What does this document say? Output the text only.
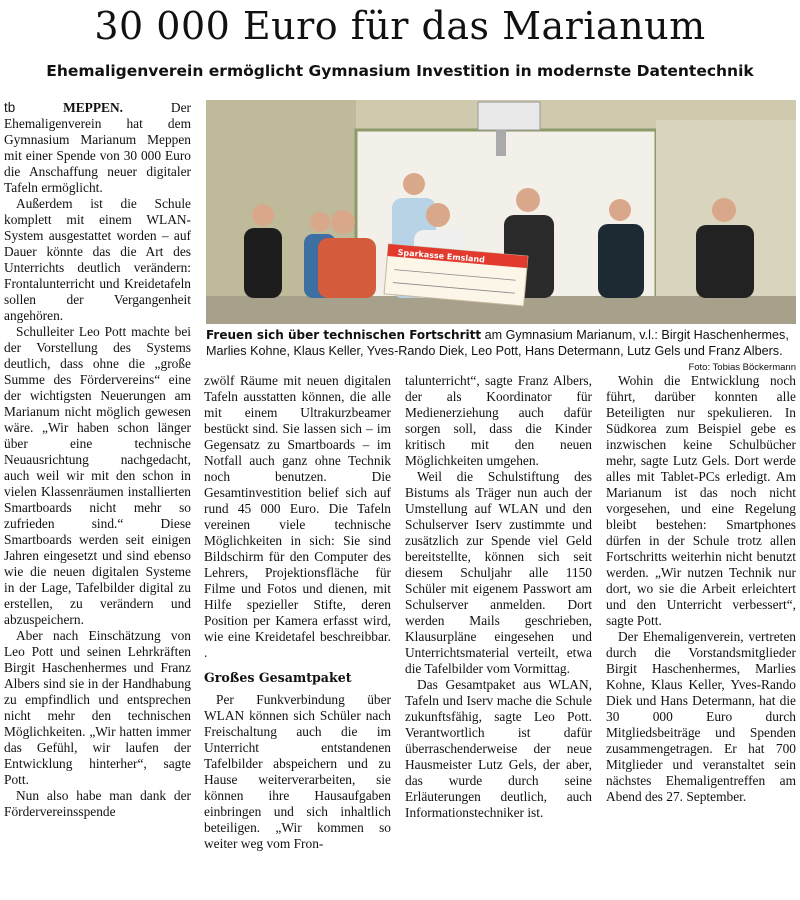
30 000 Euro für das Marianum
Ehemaligenverein ermöglicht Gymnasium Investition in modernste Datentechnik

tb	MEPPEN.	Der Ehemaligenverein hat dem Gymnasium Marianum Meppen mit einer Spende von 30 000 Euro die Anschaffung neuer digitaler Tafeln ermöglicht.

Außerdem ist die Schule komplett mit einem WLAN-System ausgestattet worden – auf Dauer könnte das die Art des Unterrichts deutlich verändern: Frontalunterricht und Kreidetafeln sollen der Vergangenheit angehören.

Schulleiter Leo Pott machte bei der Vorstellung des Systems deutlich, dass ohne die „große Summe des Fördervereins“ eine der wichtigsten Neuerungen am Marianum nicht möglich gewesen wäre. „Wir haben schon länger über eine technische Neuausrichtung nachgedacht, auch weil wir mit den schon in vielen Klassenräumen installierten Smartboards nicht mehr so zufrieden sind.“ Diese Smartboards werden seit einigen Jahren eingesetzt und sind ebenso wie die neuen digitalen Systeme in der Lage, Tafelbilder digital zu erstellen, zu verändern und abzuspeichern.

Aber nach Einschätzung von Leo Pott und seinen Lehrkräften Birgit Haschenhermes und Franz Albers sind sie in der Handhabung zu empfindlich und entsprechen nicht mehr den technischen Möglichkeiten. „Wir hatten immer das Gefühl, wir laufen der Entwicklung hinterher“, sagte Pott.

Nun also habe man dank der Fördervereinsspende

Sparkasse Emsland
Freuen sich über technischen Fortschritt am Gymnasium Marianum, v.l.: Birgit Haschenhermes, Marlies Kohne, Klaus Keller, Yves-Rando Diek, Leo Pott, Hans Determann, Lutz Gels und Franz Albers.
Foto: Tobias Böckermann

zwölf Räume mit neuen digitalen Tafeln ausstatten können, die alle mit einem Ultrakurzbeamer bestückt sind. Sie lassen sich – im Gegensatz zu Smartboards – im Notfall auch ganz ohne Technik noch benutzen. Die Gesamtinvestition belief sich auf rund 45 000 Euro. Die Tafeln vereinen viele technische Möglichkeiten in sich: Sie sind Bildschirm für den Computer des Lehrers, Projektionsfläche für Filme und Fotos und dienen, mit Hilfe spezieller Stifte, deren Position per Kamera erfasst wird, wie eine Kreidetafel beschreibbar. .

Großes Gesamtpaket

Per Funkverbindung über WLAN können sich Schüler nach Freischaltung auch die im Unterricht entstandenen Tafelbilder abspeichern und zu Hause weiterverarbeiten, sie können ihre Hausaufgaben einbringen und sich inhaltlich beteiligen. „Wir kommen so weiter weg vom Fron-

talunterricht“, sagte Franz Albers, der als Koordinator für Medienerziehung auch dafür sorgen soll, dass die Kinder kritisch mit den neuen Möglichkeiten umgehen.

Weil die Schulstiftung des Bistums als Träger nun auch der Umstellung auf WLAN und den Schulserver Iserv zustimmte und zusätzlich zur Spende viel Geld bereitstellte, können sich seit diesem Schuljahr alle 1150 Schüler mit eigenem Passwort am Schulserver anmelden. Dort werden Mails geschrieben, Klausurpläne eingesehen und Unterrichtsmaterial verteilt, etwa die Tafelbilder vom Vormittag.

Das Gesamtpaket aus WLAN, Tafeln und Iserv mache die Schule zukunftsfähig, sagte Leo Pott. Verantwortlich ist dafür überraschenderweise der neue Hausmeister Lutz Gels, der aber, das wurde durch seine Erläuterungen deutlich, auch Informationstechniker ist.

Wohin die Entwicklung noch führt, darüber konnten alle Beteiligten nur spekulieren. In Südkorea zum Beispiel gebe es inzwischen keine Schulbücher mehr, sagte Lutz Gels. Dort werde alles mit Tablet-PCs erledigt. Am Marianum ist das noch nicht vorgesehen, und eine Regelung bleibt bestehen: Smartphones dürfen in der Schule trotz allen Fortschritts weiterhin nicht benutzt werden. „Wir nutzen Technik nur dort, wo sie die Arbeit erleichtert und den Unterricht verbessert“, sagte Pott.

Der Ehemaligenverein, vertreten durch die Vorstandsmitglieder Birgit Haschenhermes, Marlies Kohne, Klaus Keller, Yves-Rando Diek und Hans Determann, hat die 30 000 Euro durch Mitgliedsbeiträge und Spenden zusammengetragen. Er hat 700 Mitglieder und veranstaltet sein nächstes Ehemaligentreffen am Abend des 27. September.
